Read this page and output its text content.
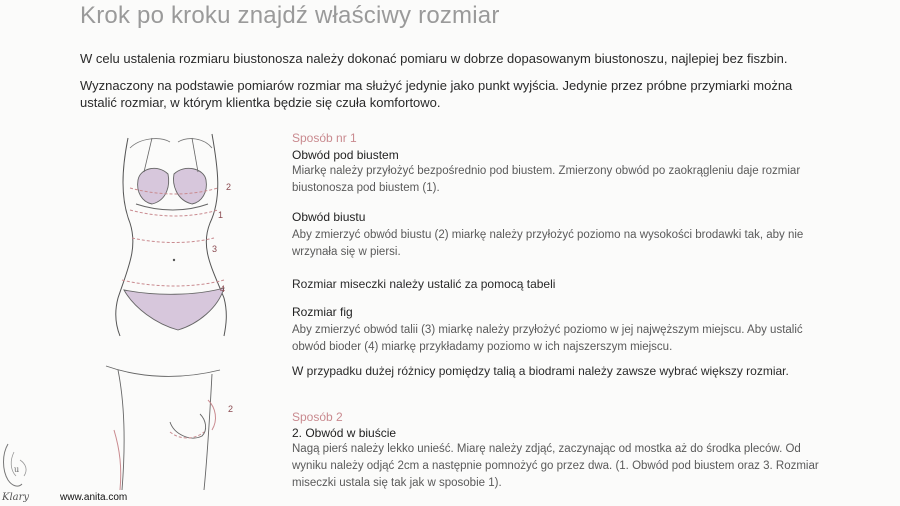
Krok po kroku znajdź właściwy rozmiar
W celu ustalenia rozmiaru biustonosza należy dokonać pomiaru w dobrze dopasowanym biustonoszu, najlepiej bez fiszbin.
Wyznaczony na podstawie pomiarów rozmiar ma służyć jedynie jako punkt wyjścia. Jedynie przez próbne przymiarki można ustalić rozmiar, w którym klientka będzie się czuła komfortowo.
2
1
3
4
2
Sposób nr 1
Obwód pod biustem
Miarkę należy przyłożyć bezpośrednio pod biustem. Zmierzony obwód po zaokrągleniu daje rozmiar biustonosza pod biustem (1).
Obwód biustu
Aby zmierzyć obwód biustu (2) miarkę należy przyłożyć poziomo na wysokości brodawki tak, aby nie wrzynała się w piersi.
Rozmiar miseczki należy ustalić za pomocą tabeli
Rozmiar fig
Aby zmierzyć obwód talii (3) miarkę należy przyłożyć poziomo w jej najwęższym miejscu. Aby ustalić obwód bioder (4) miarkę przykładamy poziomo w ich najszerszym miejscu.
W przypadku dużej różnicy pomiędzy talią a biodrami należy zawsze wybrać większy rozmiar.
Sposób 2
2. Obwód w biuście
Nagą pierś należy lekko unieść. Miarę należy zdjąć, zaczynając od mostka aż do środka pleców. Od wyniku należy odjąć 2cm a następnie pomnożyć go przez dwa. (1. Obwód pod biustem oraz 3. Rozmiar miseczki ustala się tak jak w sposobie 1).
u
Klary	www.anita.com
